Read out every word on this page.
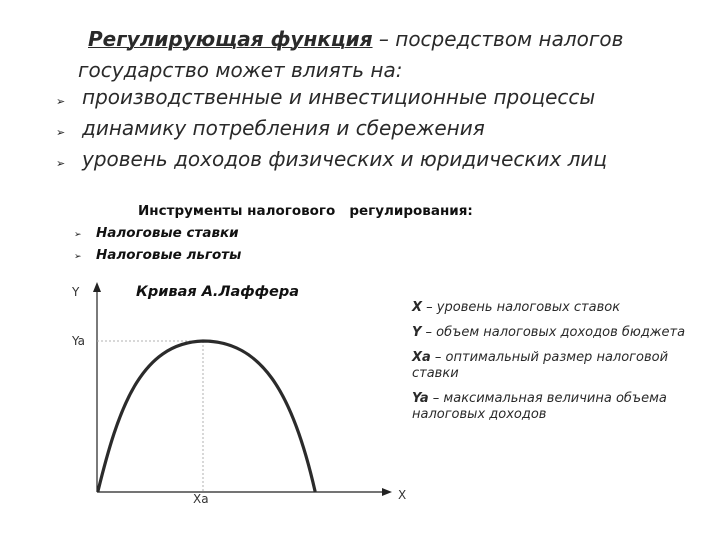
Регулирующая функция – посредством налогов
государство может влиять на:
➢ производственные и инвестиционные процессы
➢ динамику потребления и сбережения
➢ уровень доходов физических и юридических лиц
Инструменты налогового   регулирования:
➢ Налоговые ставки
➢ Налоговые льготы
Y
Ya
Xa	X
Кривая А.Лаффера
X – уровень налоговых ставок
Y – объем налоговых доходов бюджета
Xa – оптимальный размер налоговой ставки
Ya – максимальная величина объема налоговых доходов
